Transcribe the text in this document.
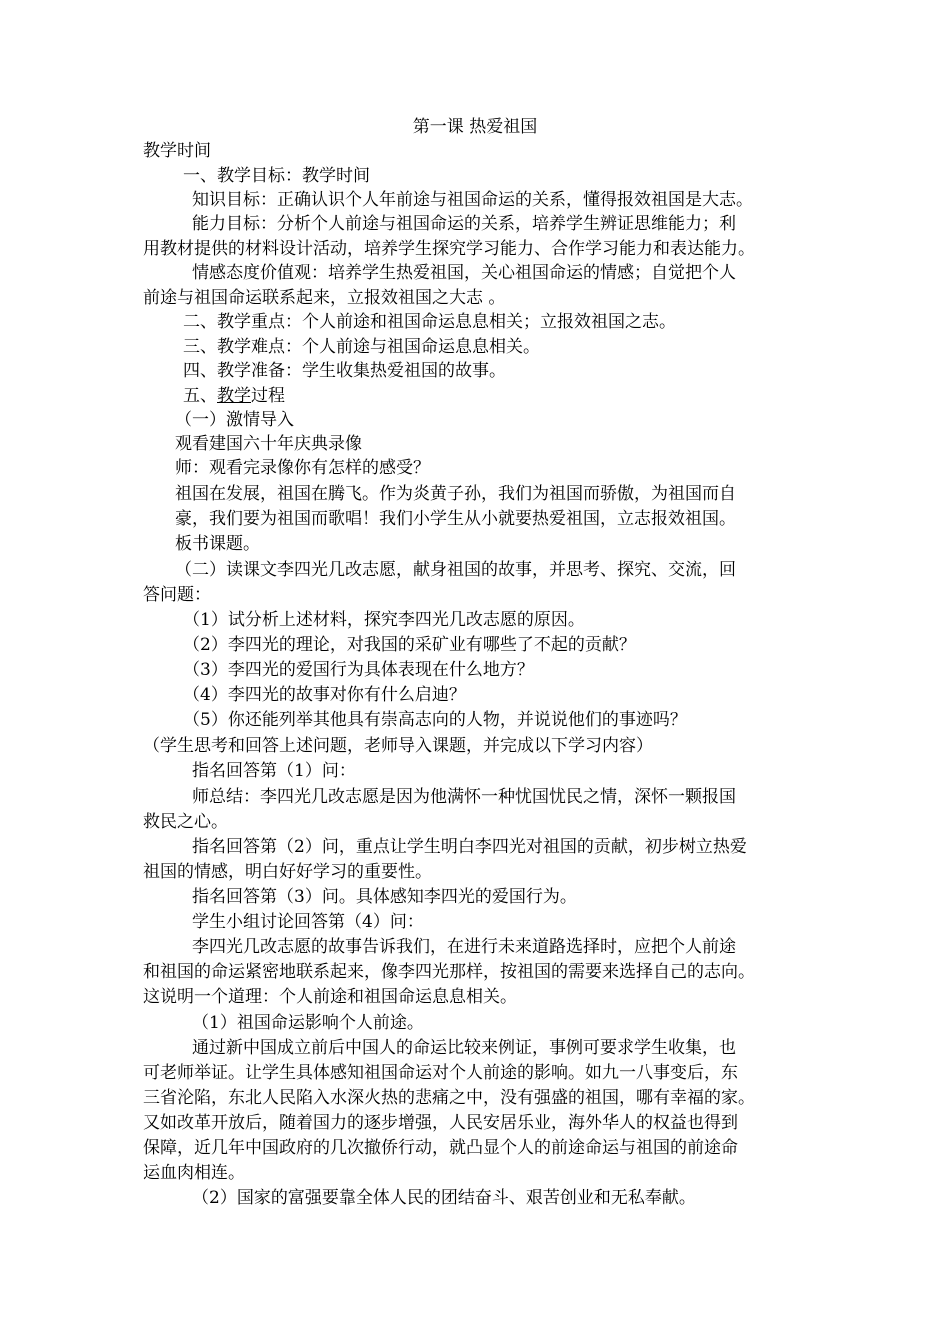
第一课 热爱祖国
教学时间
一、教学目标：教学时间
知识目标：正确认识个人年前途与祖国命运的关系，懂得报效祖国是大志。
能力目标：分析个人前途与祖国命运的关系，培养学生辨证思维能力；利
用教材提供的材料设计活动，培养学生探究学习能力、合作学习能力和表达能力。
情感态度价值观：培养学生热爱祖国，关心祖国命运的情感；自觉把个人
前途与祖国命运联系起来，立报效祖国之大志 。
二、教学重点：个人前途和祖国命运息息相关；立报效祖国之志。
三、教学难点：个人前途与祖国命运息息相关。
四、教学准备：学生收集热爱祖国的故事。
五、教学过程
（一）激情导入
观看建国六十年庆典录像
师：观看完录像你有怎样的感受？
祖国在发展，祖国在腾飞。作为炎黄子孙，我们为祖国而骄傲，为祖国而自
豪，我们要为祖国而歌唱！我们小学生从小就要热爱祖国，立志报效祖国。
板书课题。
（二）读课文李四光几改志愿，献身祖国的故事，并思考、探究、交流，回
答问题：
（1）试分析上述材料，探究李四光几改志愿的原因。
（2）李四光的理论，对我国的采矿业有哪些了不起的贡献？
（3）李四光的爱国行为具体表现在什么地方？
（4）李四光的故事对你有什么启迪？
（5）你还能列举其他具有崇高志向的人物，并说说他们的事迹吗？
（学生思考和回答上述问题，老师导入课题，并完成以下学习内容）
指名回答第（1）问：
师总结：李四光几改志愿是因为他满怀一种忧国忧民之情，深怀一颗报国
救民之心。
指名回答第（2）问，重点让学生明白李四光对祖国的贡献，初步树立热爱
祖国的情感，明白好好学习的重要性。
指名回答第（3）问。具体感知李四光的爱国行为。
学生小组讨论回答第（4）问：
李四光几改志愿的故事告诉我们，在进行未来道路选择时，应把个人前途
和祖国的命运紧密地联系起来，像李四光那样，按祖国的需要来选择自己的志向。
这说明一个道理：个人前途和祖国命运息息相关。
（1）祖国命运影响个人前途。
通过新中国成立前后中国人的命运比较来例证，事例可要求学生收集，也
可老师举证。让学生具体感知祖国命运对个人前途的影响。如九一八事变后，东
三省沦陷，东北人民陷入水深火热的悲痛之中，没有强盛的祖国，哪有幸福的家。
又如改革开放后，随着国力的逐步增强，人民安居乐业，海外华人的权益也得到
保障，近几年中国政府的几次撤侨行动，就凸显个人的前途命运与祖国的前途命
运血肉相连。
（2）国家的富强要靠全体人民的团结奋斗、艰苦创业和无私奉献。
